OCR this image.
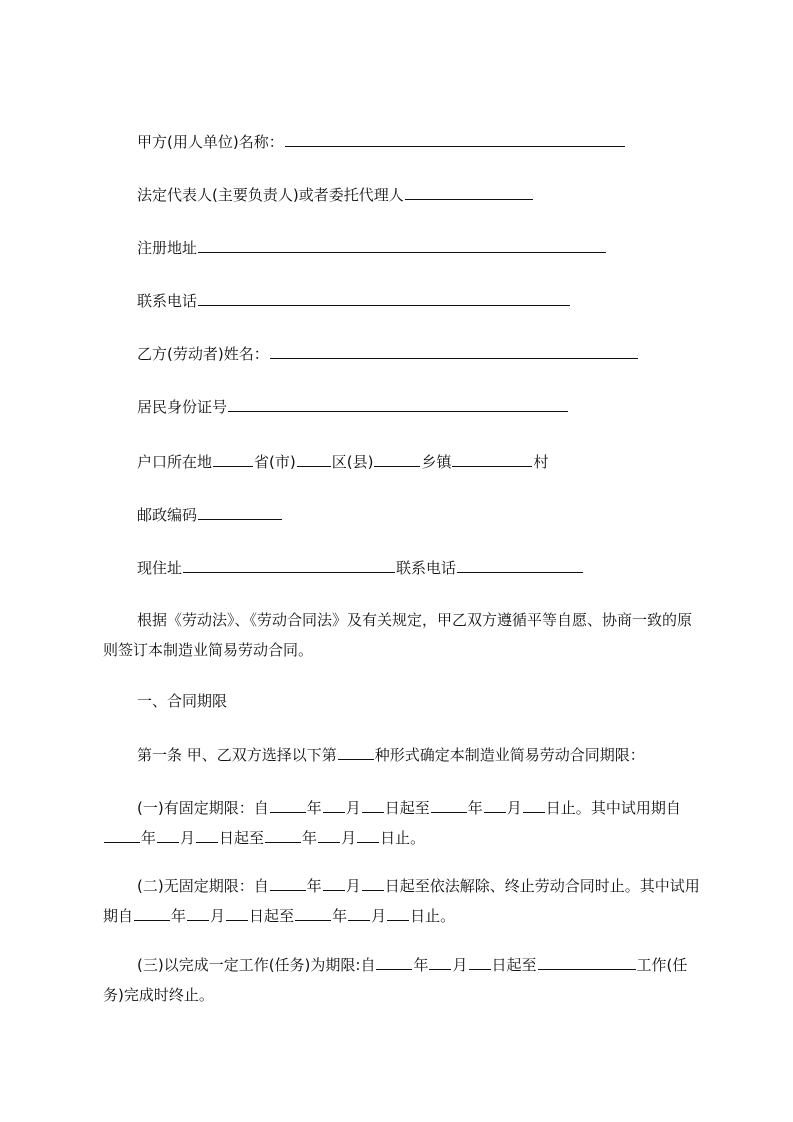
甲方(用人单位)名称：
法定代表人(主要负责人)或者委托代理人
注册地址
联系电话
乙方(劳动者)姓名：
居民身份证号
户口所在地	省(市) 区(县)	乡镇	村
邮政编码
现住址	联系电话
根据《劳动法》、《劳动合同法》及有关规定，甲乙双方遵循平等自愿、协商一致的原则签订本制造业简易劳动合同。
一、合同期限
第一条 甲、乙双方选择以下第	种形式确定本制造业简易劳动合同期限：
(一)有固定期限：自	年 月 日起至	年 月 日止。其中试用期自年 月 日起至	年 月 日止。
(二)无固定期限：自	年 月 日起至依法解除、终止劳动合同时止。其中试用期自	年 月 日起至	年 月 日止。
(三)以完成一定工作(任务)为期限:自	年 月 日起至	工作(任务)完成时终止。
